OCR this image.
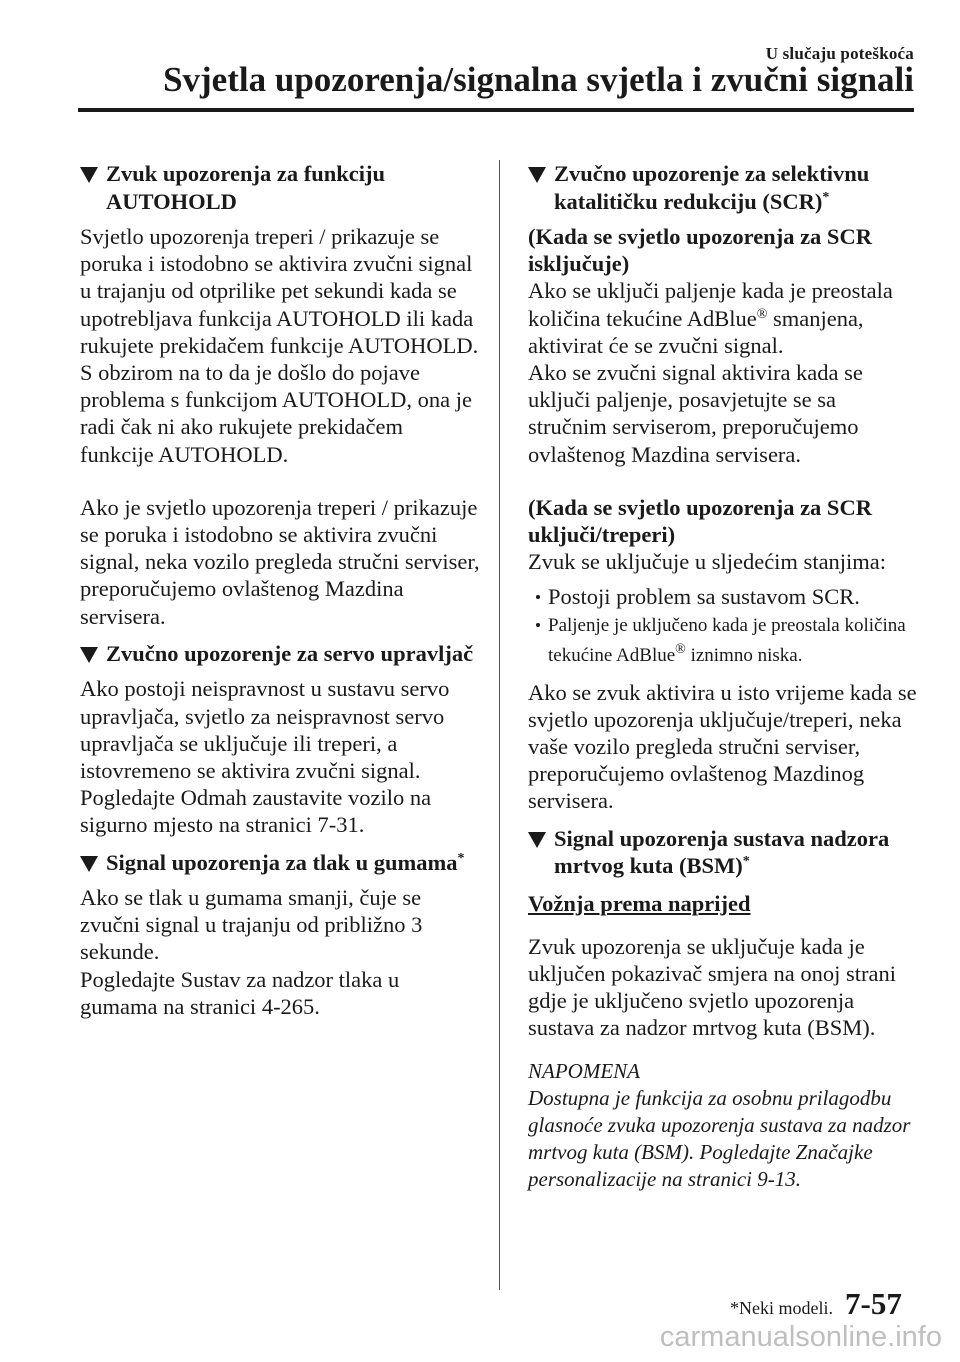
U slučaju poteškoća
Svjetla upozorenja/signalna svjetla i zvučni signali
Zvuk upozorenja za funkciju AUTOHOLD

Svjetlo upozorenja treperi / prikazuje se poruka i istodobno se aktivira zvučni signal u trajanju od otprilike pet sekundi kada se upotrebljava funkcija AUTOHOLD ili kada rukujete prekidačem funkcije AUTOHOLD.

S obzirom na to da je došlo do pojave problema s funkcijom AUTOHOLD, ona je radi čak ni ako rukujete prekidačem funkcije AUTOHOLD.

Ako je svjetlo upozorenja treperi / prikazuje se poruka i istodobno se aktivira zvučni signal, neka vozilo pregleda stručni serviser, preporučujemo ovlaštenog Mazdina servisera.

Zvučno upozorenje za servo upravljač

Ako postoji neispravnost u sustavu servo upravljača, svjetlo za neispravnost servo upravljača se uključuje ili treperi, a istovremeno se aktivira zvučni signal.

Pogledajte Odmah zaustavite vozilo na sigurno mjesto na stranici 7-31.

Signal upozorenja za tlak u gumama*

Ako se tlak u gumama smanji, čuje se zvučni signal u trajanju od približno 3 sekunde.

Pogledajte Sustav za nadzor tlaka u gumama na stranici 4-265.

Zvučno upozorenje za selektivnu katalitičku redukciju (SCR)*

(Kada se svjetlo upozorenja za SCR isključuje)

Ako se uključi paljenje kada je preostala količina tekućine AdBlue® smanjena, aktivirat će se zvučni signal.

Ako se zvučni signal aktivira kada se uključi paljenje, posavjetujte se sa stručnim serviserom, preporučujemo ovlaštenog Mazdina servisera.

(Kada se svjetlo upozorenja za SCR uključi/treperi)

Zvuk se uključuje u sljedećim stanjima:

Postoji problem sa sustavom SCR.
Paljenje je uključeno kada je preostala količina tekućine AdBlue® iznimno niska.

Ako se zvuk aktivira u isto vrijeme kada se svjetlo upozorenja uključuje/treperi, neka vaše vozilo pregleda stručni serviser, preporučujemo ovlaštenog Mazdinog servisera.

Signal upozorenja sustava nadzora mrtvog kuta (BSM)*
Vožnja prema naprijed

Zvuk upozorenja se uključuje kada je uključen pokazivač smjera na onoj strani gdje je uključeno svjetlo upozorenja sustava za nadzor mrtvog kuta (BSM).

NAPOMENA

Dostupna je funkcija za osobnu prilagodbu glasnoće zvuka upozorenja sustava za nadzor mrtvog kuta (BSM). Pogledajte Značajke personalizacije na stranici 9-13.

*Neki modeli. 7-57
carmanualsonline.info
